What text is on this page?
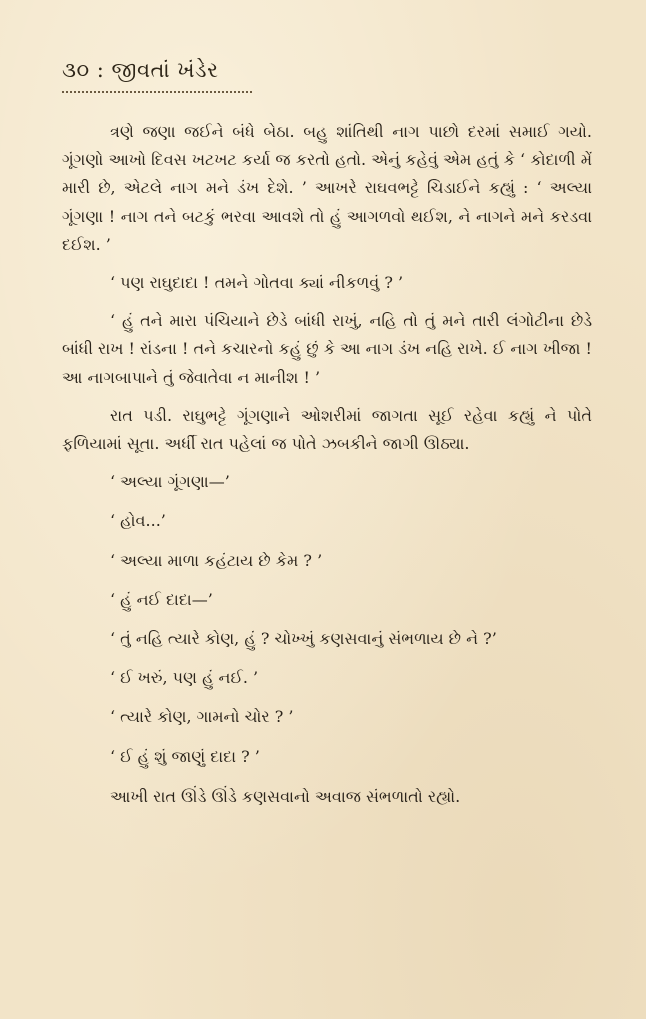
૩૦ : જીવતાં ખંડેર

ત્રણે જણા જઈને બંધે બેઠા. બહુ શાંતિથી નાગ પાછો દરમાં સમાઈ ગયો. ગૂંગણો આખો દિવસ ખટખટ કર્યા જ કરતો હતો. એનું કહેવું એમ હતું કે ‘ કોદાળી મેં મારી છે, એટલે નાગ મને ડંખ દેશે. ’ આખરે રાઘવભટ્ટે ચિડાઈને કહ્યું : ‘ અલ્યા ગૂંગણા ! નાગ તને બટકું ભરવા આવશે તો હું આગળવો થઈશ, ને નાગને મને કરડવા દઈશ. ’

‘ પણ રાઘુદાદા ! તમને ગોતવા ક્યાં નીકળવું ? ’

‘ હું તને મારા પંચિયાને છેડે બાંધી રાખું, નહિ તો તું મને તારી લંગોટીના છેડે બાંધી રાખ ! રાંડના ! તને કચારનો કહું છું કે આ નાગ ડંખ નહિ રાખે. ઈ નાગ ખીજા ! આ નાગબાપાને તું જેવાતેવા ન માનીશ ! ’

રાત પડી. રાઘુભટ્ટે ગૂંગણાને ઓશરીમાં જાગતા સૂઈ રહેવા કહ્યું ને પોતે ફળિયામાં સૂતા. અર્ધી રાત પહેલાં જ પોતે ઝબકીને જાગી ઊઠ્યા.

‘ અલ્યા ગૂંગણા—’

‘ હોવ...’

‘ અલ્યા માળા કહંટાય છે કેમ ? ’

‘ હું નઈ દાદા—’

‘ તું નહિ ત્યારે કોણ, હું ? ચોખ્ખું કણસવાનું સંભળાય છે ને ?’

‘ ઈ ખરું, પણ હું નઈ. ’

‘ ત્યારે કોણ, ગામનો ચોર ? ’

‘ ઈ હું શું જાણું દાદા ? ’

આખી રાત ઊંડે ઊંડે કણસવાનો અવાજ સંભળાતો રહ્યો.
